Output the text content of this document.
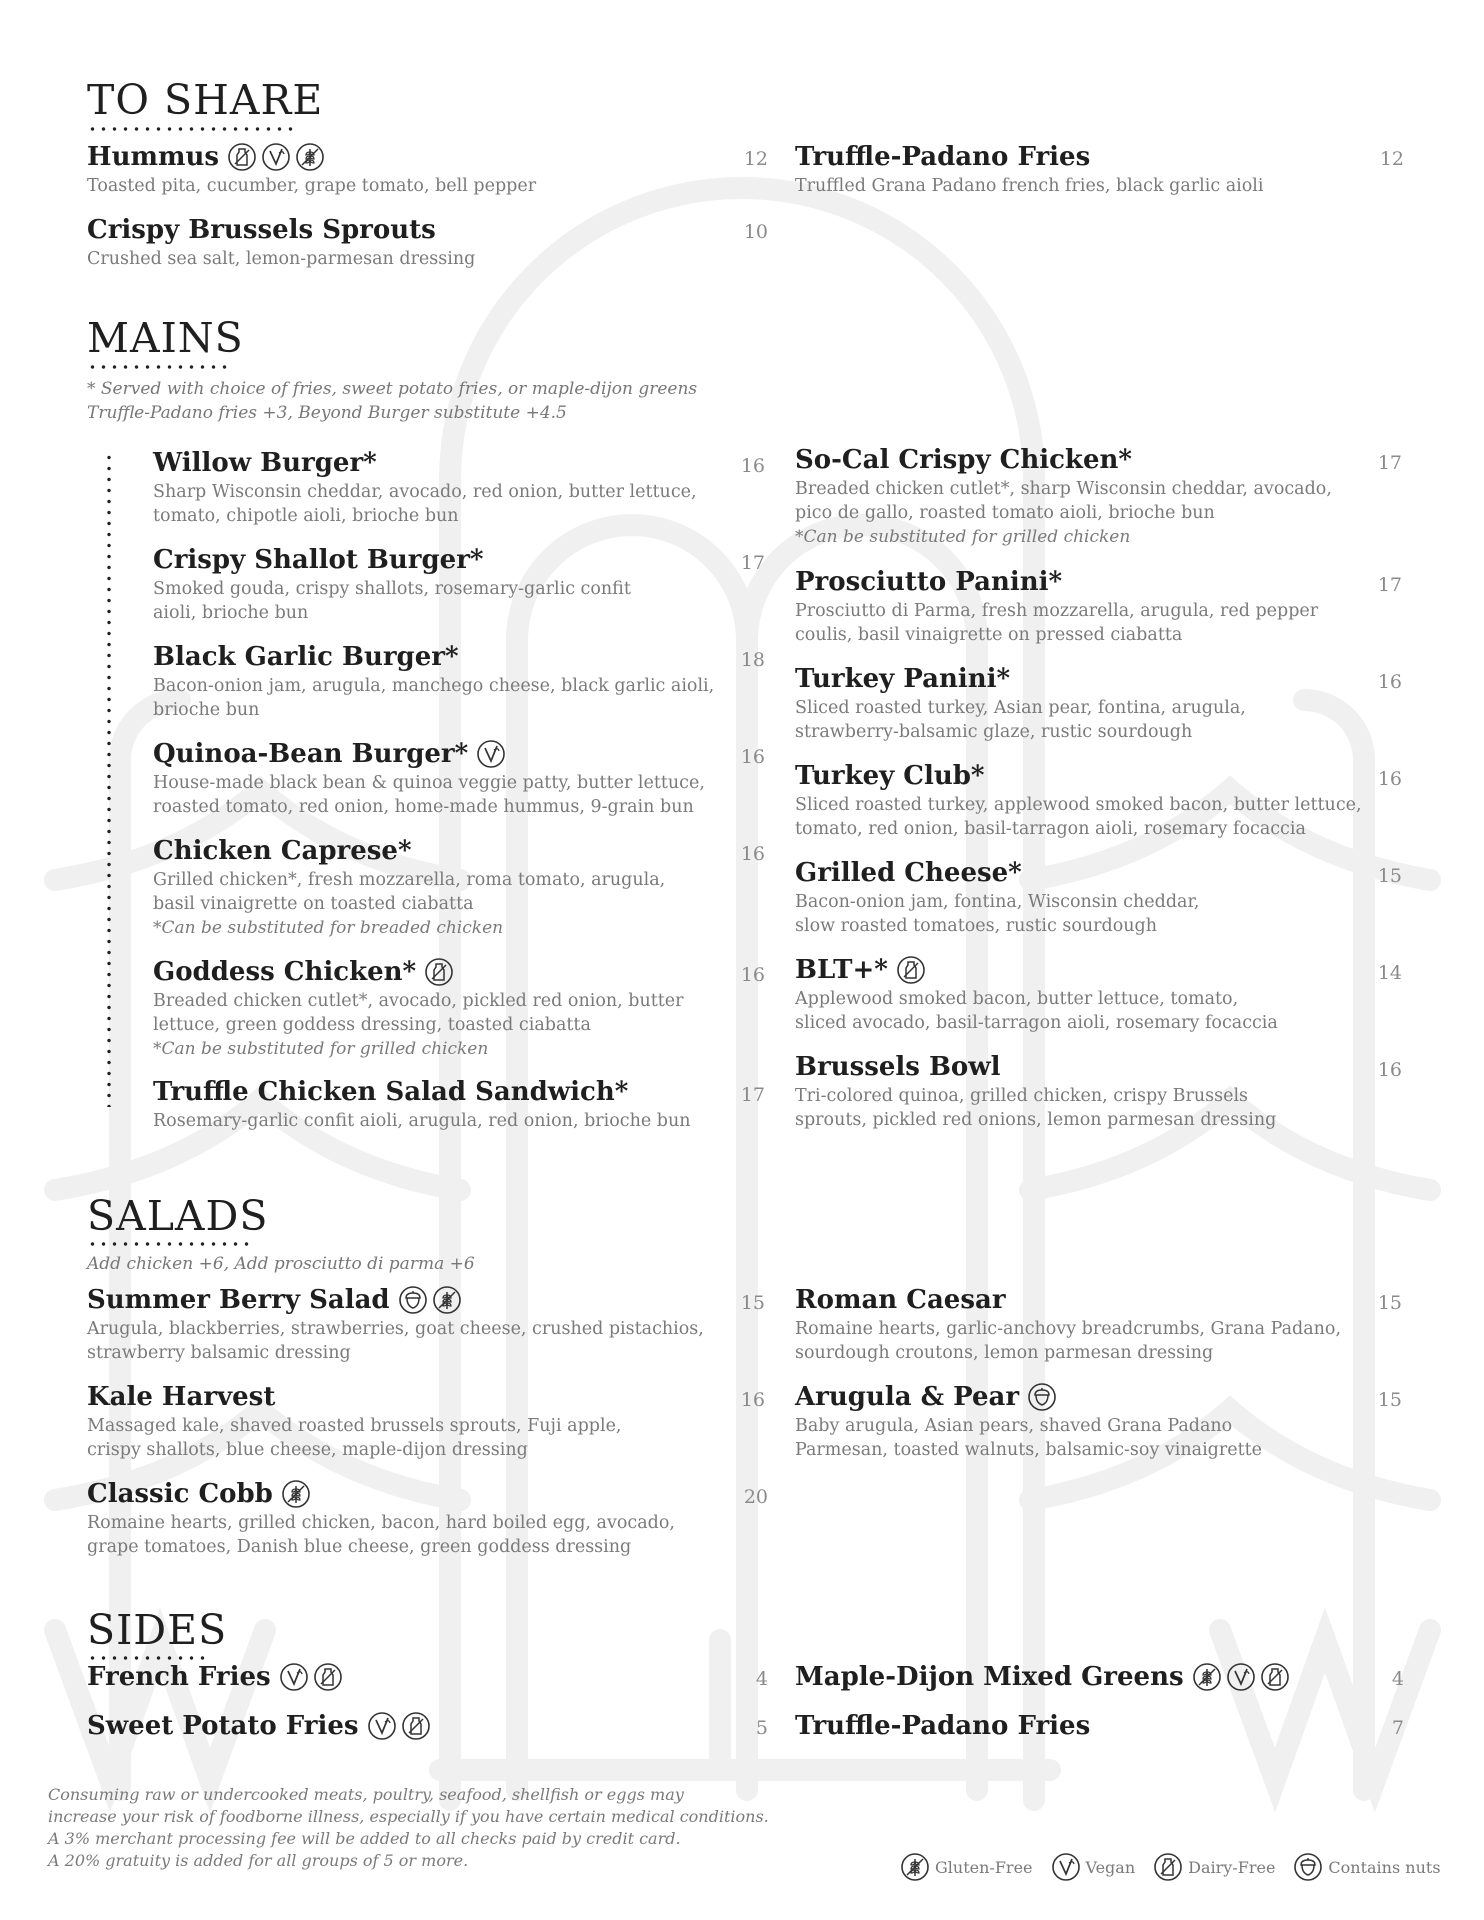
TO SHARE
Hummus
Toasted pita, cucumber, grape tomato, bell pepper
12 Truffle-Padano Fries
Truffled Grana Padano french fries, black garlic aioli
12
Crispy Brussels Sprouts
Crushed sea salt, lemon-parmesan dressing
10
MAINS
* Served with choice of fries, sweet potato fries, or maple-dijon greens
Truffle-Padano fries +3, Beyond Burger substitute +4.5
Willow Burger*
Sharp Wisconsin cheddar, avocado, red onion, butter lettuce,
tomato, chipotle aioli, brioche bun
16
Crispy Shallot Burger*
Smoked gouda, crispy shallots, rosemary-garlic confit
aioli, brioche bun
17
Black Garlic Burger*
Bacon-onion jam, arugula, manchego cheese, black garlic aioli,
brioche bun
18
Quinoa-Bean Burger*
House-made black bean & quinoa veggie patty, butter lettuce,
roasted tomato, red onion, home-made hummus, 9-grain bun
16
Chicken Caprese*
Grilled chicken*, fresh mozzarella, roma tomato, arugula,
basil vinaigrette on toasted ciabatta
*Can be substituted for breaded chicken
16
Goddess Chicken*
Breaded chicken cutlet*, avocado, pickled red onion, butter
lettuce, green goddess dressing, toasted ciabatta
*Can be substituted for grilled chicken
16
Truffle Chicken Salad Sandwich*
Rosemary-garlic confit aioli, arugula, red onion, brioche bun
17
So-Cal Crispy Chicken*
Breaded chicken cutlet*, sharp Wisconsin cheddar, avocado,
pico de gallo, roasted tomato aioli, brioche bun
*Can be substituted for grilled chicken
17
Prosciutto Panini*
Prosciutto di Parma, fresh mozzarella, arugula, red pepper
coulis, basil vinaigrette on pressed ciabatta
17
Turkey Panini*
Sliced roasted turkey, Asian pear, fontina, arugula,
strawberry-balsamic glaze, rustic sourdough
16
Turkey Club*
Sliced roasted turkey, applewood smoked bacon, butter lettuce,
tomato, red onion, basil-tarragon aioli, rosemary focaccia
16
Grilled Cheese*
Bacon-onion jam, fontina, Wisconsin cheddar,
slow roasted tomatoes, rustic sourdough
15
BLT+*
Applewood smoked bacon, butter lettuce, tomato,
sliced avocado, basil-tarragon aioli, rosemary focaccia
14
Brussels Bowl
Tri-colored quinoa, grilled chicken, crispy Brussels
sprouts, pickled red onions, lemon parmesan dressing
16
SALADS
Add chicken +6, Add prosciutto di parma +6
Summer Berry Salad
Arugula, blackberries, strawberries, goat cheese, crushed pistachios,
strawberry balsamic dressing
15
Kale Harvest
Massaged kale, shaved roasted brussels sprouts, Fuji apple,
crispy shallots, blue cheese, maple-dijon dressing
16
Classic Cobb
Romaine hearts, grilled chicken, bacon, hard boiled egg, avocado,
grape tomatoes, Danish blue cheese, green goddess dressing
20
Roman Caesar
Romaine hearts, garlic-anchovy breadcrumbs, Grana Padano,
sourdough croutons, lemon parmesan dressing
15
Arugula & Pear
Baby arugula, Asian pears, shaved Grana Padano
Parmesan, toasted walnuts, balsamic-soy vinaigrette
15
SIDES
French Fries	4
Sweet Potato Fries	5
Maple-Dijon Mixed Greens	4
Truffle-Padano Fries	7
Consuming raw or undercooked meats, poultry, seafood, shellfish or eggs may
increase your risk of foodborne illness, especially if you have certain medical conditions.
A 3% merchant processing fee will be added to all checks paid by credit card.
A 20% gratuity is added for all groups of 5 or more.	Gluten-Free	Vegan	Dairy-Free	Contains nuts
